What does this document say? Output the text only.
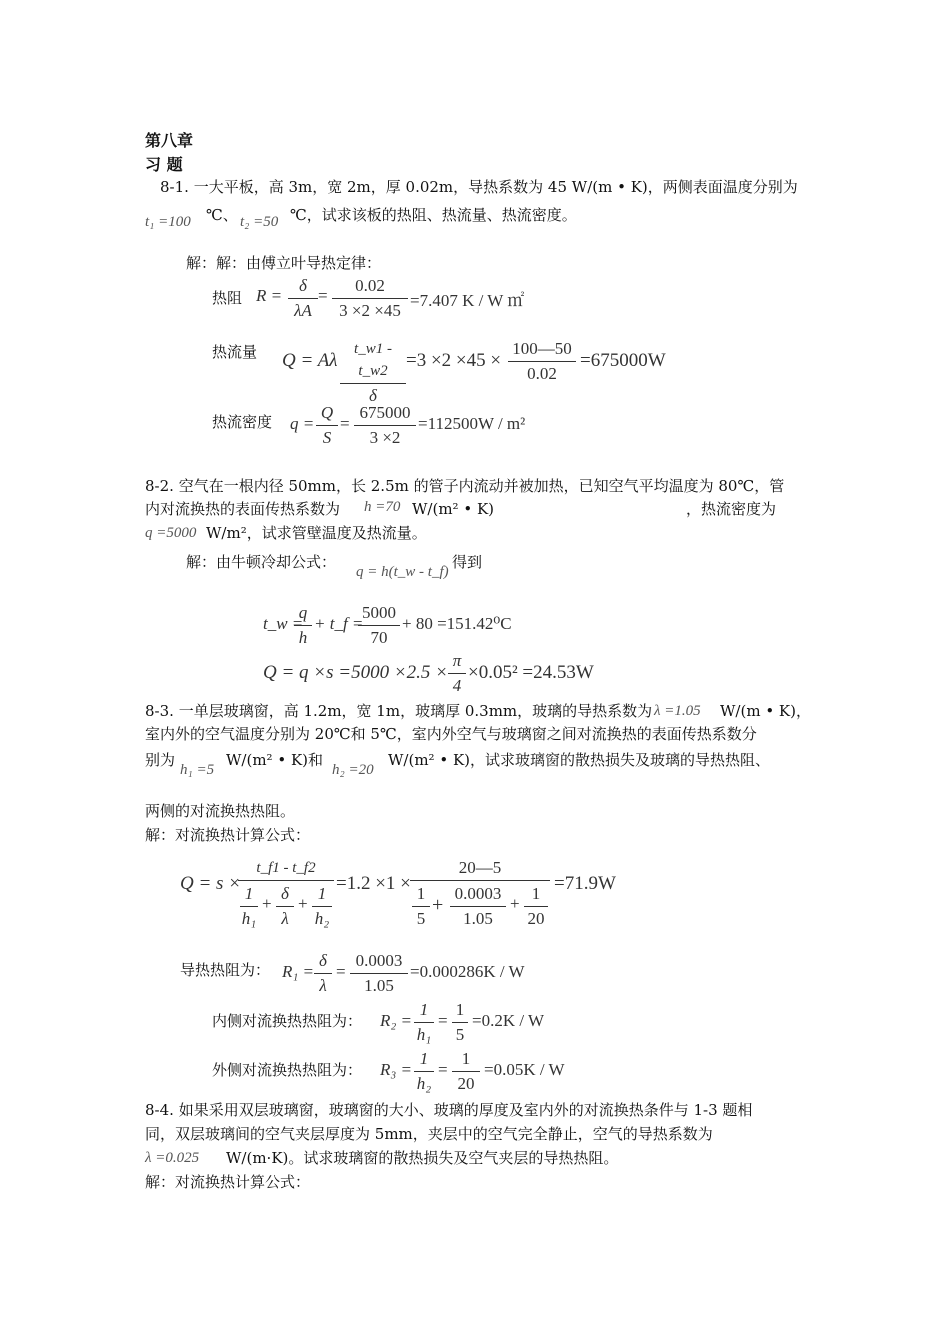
第八章
习 题
8-1. 一大平板，高 3m，宽 2m，厚 0.02m，导热系数为 45 W/(m • K)，两侧表面温度分别为
t₁ =100 ℃、 t₂ =50 ℃，试求该板的热阻、热流量、热流密度。
解：解：由傅立叶导热定律：
热阻 R =
δ
λA
=
0.02
3 ×2 ×45
=7.407 K / W ㎡
热流量 Q = Aλ
t_w1 - t_w2
δ
=3 ×2 ×45 ×
100—50
0.02
=675000W
热流密度 q =
Q
S
=
675000
3 ×2
=112500W / m²
8-2. 空气在一根内径 50mm，长 2.5m 的管子内流动并被加热，已知空气平均温度为 80℃，管
内对流换热的表面传热系数为 h =70 W/(m² • K)	，热流密度为
q =5000 W/m²，试求管壁温度及热流量。
解：由牛顿冷却公式：
q = h(t_w - t_f)
得到
t_w =
q
h
+ t_f =
5000
70
+ 80 =151.42⁰C
Q = q ×s =5000 ×2.5 ×
π
4
×0.05² =24.53W
8-3. 一单层玻璃窗，高 1.2m，宽 1m，玻璃厚 0.3mm，玻璃的导热系数为 λ =1.05 W/(m • K)，
室内外的空气温度分别为 20℃和 5℃，室内外空气与玻璃窗之间对流换热的表面传热系数分
别为
h₁ =5
W/(m² • K)和
h₂ =20
W/(m² • K)，试求玻璃窗的散热损失及玻璃的导热热阻、
两侧的对流换热热阻。
解：对流换热计算公式：
Q = s ×
t_f1 - t_f2
1
h₁
+
δ
λ
+
1
h₂
=1.2 ×1 ×
20—5
1
5
+
0.0003
1.05
+
1
20
=71.9W
导热热阻为： R₁ =
δ
λ
=
0.0003
1.05
=0.000286K / W
内侧对流换热热阻为： R₂ =
1
h₁
=
1
5
=0.2K / W
外侧对流换热热阻为： R₃ =
1
h₂
=
1
20
=0.05K / W
8-4. 如果采用双层玻璃窗，玻璃窗的大小、玻璃的厚度及室内外的对流换热条件与 1-3 题相
同，双层玻璃间的空气夹层厚度为 5mm，夹层中的空气完全静止，空气的导热系数为
λ =0.025 W/(m·K)。试求玻璃窗的散热损失及空气夹层的导热热阻。
解：对流换热计算公式：
